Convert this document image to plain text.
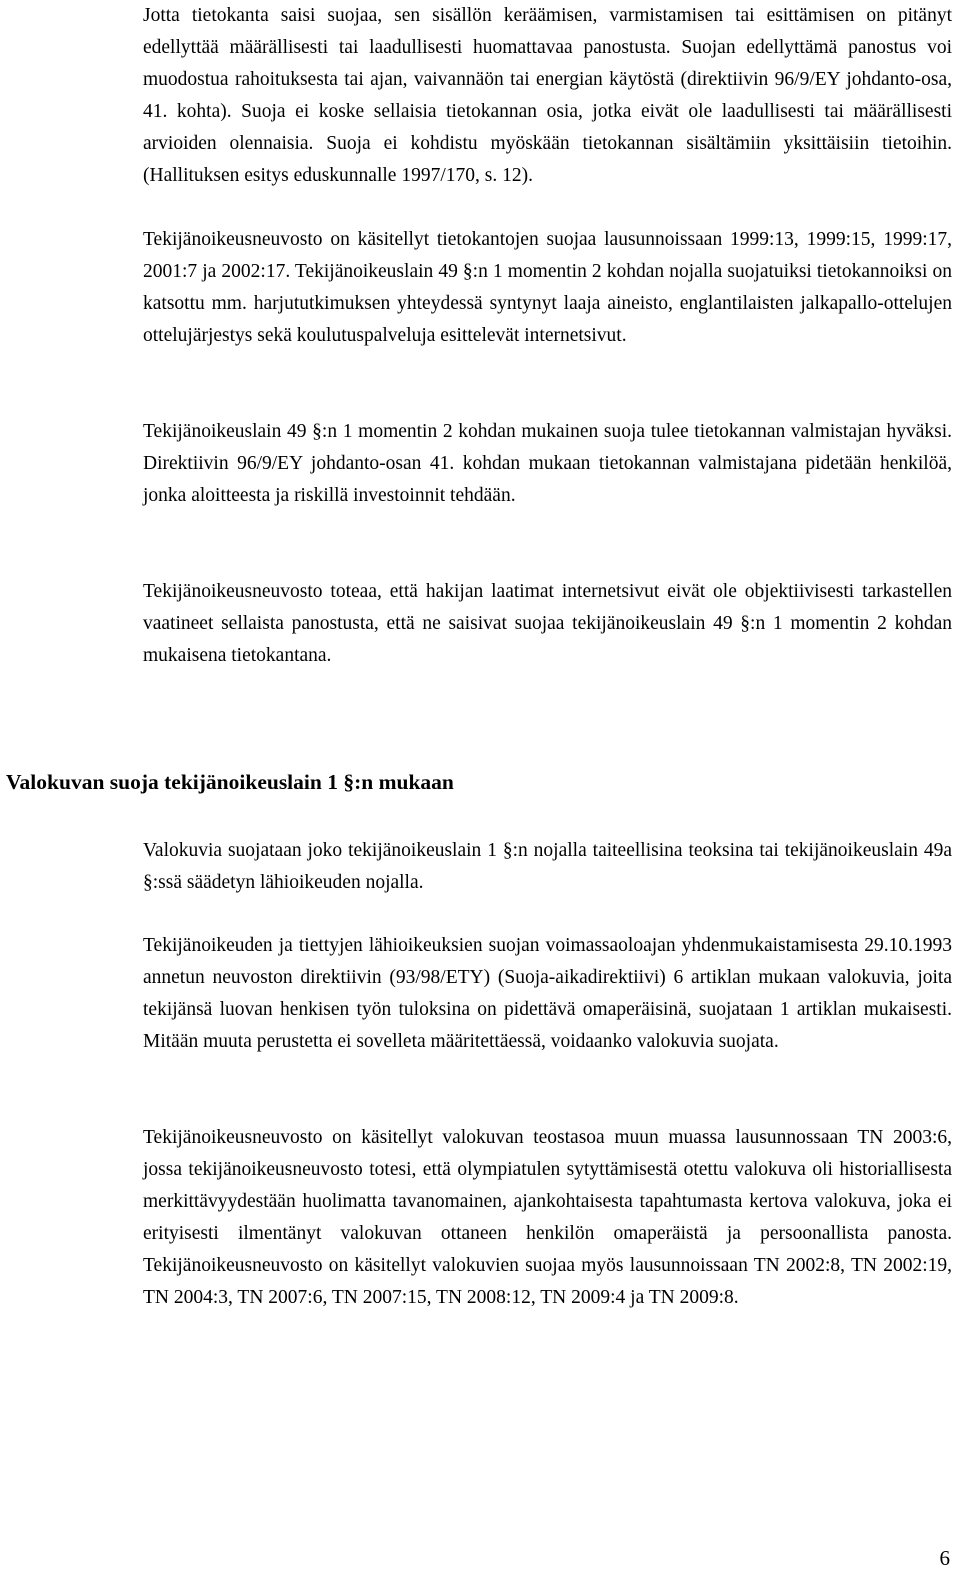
Jotta tietokanta saisi suojaa, sen sisällön keräämisen, varmistamisen tai esittämisen on pitänyt edellyttää määrällisesti tai laadullisesti huomattavaa panostusta. Suojan edellyttämä panostus voi muodostua rahoituksesta tai ajan, vaivannäön tai energian käytöstä (direktiivin 96/9/EY johdanto-osa, 41. kohta). Suoja ei koske sellaisia tietokannan osia, jotka eivät ole laadullisesti tai määrällisesti arvioiden olennaisia. Suoja ei kohdistu myöskään tietokannan sisältämiin yksittäisiin tietoihin. (Hallituksen esitys eduskunnalle 1997/170, s. 12).

Tekijänoikeusneuvosto on käsitellyt tietokantojen suojaa lausunnoissaan 1999:13, 1999:15, 1999:17, 2001:7 ja 2002:17. Tekijänoikeuslain 49 §:n 1 momentin 2 kohdan nojalla suojatuiksi tietokannoiksi on katsottu mm. harjututkimuksen yhteydessä syntynyt laaja aineisto, englantilaisten jalkapallo-ottelujen ottelujärjestys sekä koulutuspalveluja esittelevät internetsivut.

Tekijänoikeuslain 49 §:n 1 momentin 2 kohdan mukainen suoja tulee tietokannan valmistajan hyväksi. Direktiivin 96/9/EY johdanto-osan 41. kohdan mukaan tietokannan valmistajana pidetään henkilöä, jonka aloitteesta ja riskillä investoinnit tehdään.

Tekijänoikeusneuvosto toteaa, että hakijan laatimat internetsivut eivät ole objektiivisesti tarkastellen vaatineet sellaista panostusta, että ne saisivat suojaa tekijänoikeuslain 49 §:n 1 momentin 2 kohdan mukaisena tietokantana.

Valokuvan suoja tekijänoikeuslain 1 §:n mukaan

Valokuvia suojataan joko tekijänoikeuslain 1 §:n nojalla taiteellisina teoksina tai tekijänoikeuslain 49a §:ssä säädetyn lähioikeuden nojalla.

Tekijänoikeuden ja tiettyjen lähioikeuksien suojan voimassaoloajan yhdenmukaistamisesta 29.10.1993 annetun neuvoston direktiivin (93/98/ETY) (Suoja-aikadirektiivi) 6 artiklan mukaan valokuvia, joita tekijänsä luovan henkisen työn tuloksina on pidettävä omaperäisinä, suojataan 1 artiklan mukaisesti. Mitään muuta perustetta ei sovelleta määritettäessä, voidaanko valokuvia suojata.

Tekijänoikeusneuvosto on käsitellyt valokuvan teostasoa muun muassa lausunnossaan TN 2003:6, jossa tekijänoikeusneuvosto totesi, että olympiatulen sytyttämisestä otettu valokuva oli historiallisesta merkittävyydestään huolimatta tavanomainen, ajankohtaisesta tapahtumasta kertova valokuva, joka ei erityisesti ilmentänyt valokuvan ottaneen henkilön omaperäistä ja persoonallista panosta. Tekijänoikeusneuvosto on käsitellyt valokuvien suojaa myös lausunnoissaan TN 2002:8, TN 2002:19, TN 2004:3, TN 2007:6, TN 2007:15, TN 2008:12, TN 2009:4 ja TN 2009:8.

6
